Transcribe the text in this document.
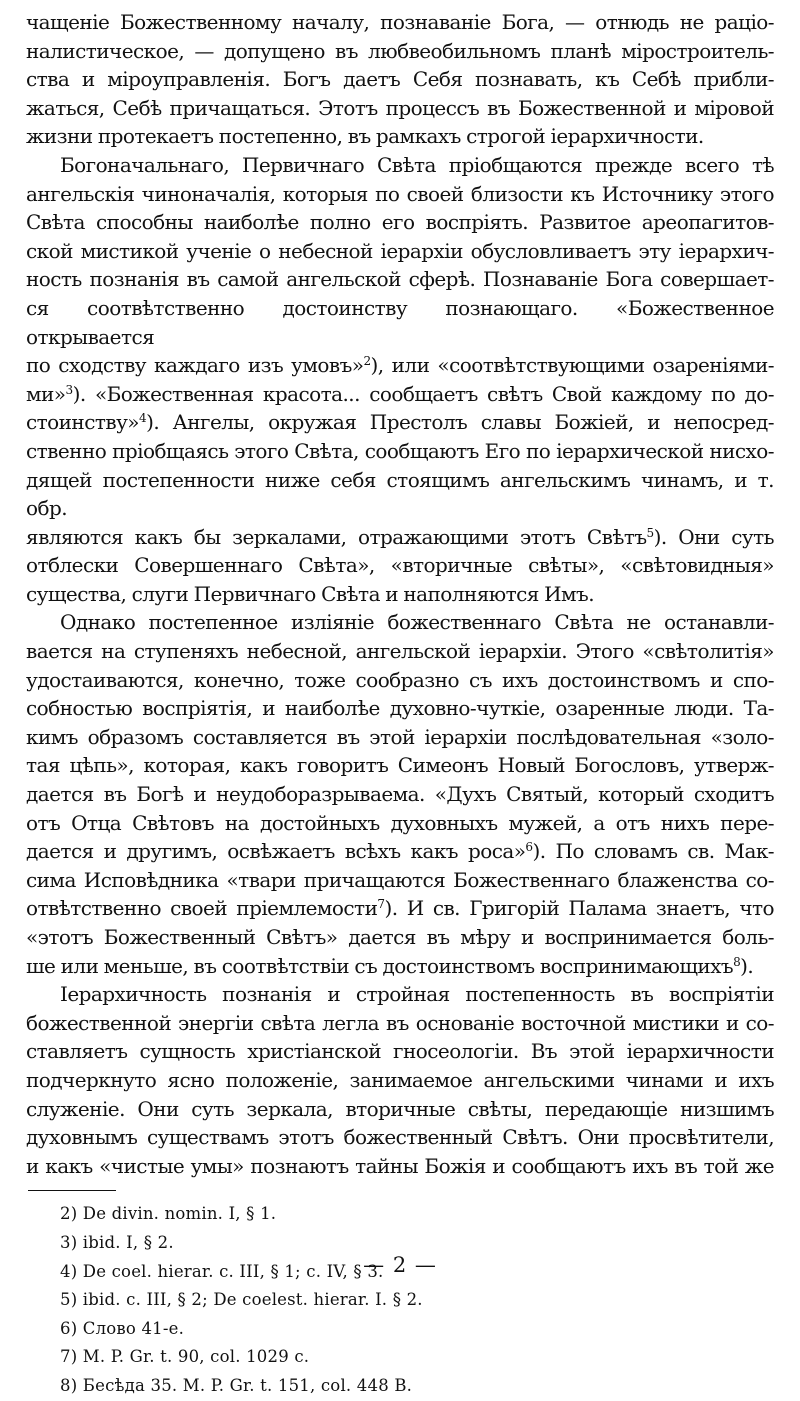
чащеніе Божественному началу, познаваніе Бога, — отнюдь не раціо-
налистическое, — допущено въ любвеобильномъ планѣ міростроитель-
ства и міроуправленія. Богъ даетъ Себя познавать, къ Себѣ прибли-
жаться, Себѣ причащаться. Этотъ процессъ въ Божественной и міровой
жизни протекаетъ постепенно, въ рамкахъ строгой іерархичности.

Богоначальнаго, Первичнаго Свѣта пріобщаются прежде всего тѣ
ангельскія чиноначалія, которыя по своей близости къ Источнику этого
Свѣта способны наиболѣе полно его воспріять. Развитое ареопагитов-
ской мистикой ученіе о небесной іерархіи обусловливаетъ эту іерархич-
ность познанія въ самой ангельской сферѣ. Познаваніе Бога совершает-
ся соотвѣтственно достоинству познающаго. «Божественное открывается
по сходству каждаго изъ умовъ»$^2$), или «соотвѣтствующими озареніями-
ми»$^3$). «Божественная красота... сообщаетъ свѣтъ Свой каждому по до-
стоинству»$^4$). Ангелы, окружая Престолъ славы Божіей, и непосред-
ственно пріобщаясь этого Свѣта, сообщаютъ Его по іерархической нисхо-
дящей постепенности ниже себя стоящимъ ангельскимъ чинамъ, и т. обр.
являются какъ бы зеркалами, отражающими этотъ Свѣтъ$^5$). Они суть
отблески Совершеннаго Свѣта», «вторичные свѣты», «свѣтовидныя»
существа, слуги Первичнаго Свѣта и наполняются Имъ.

Однако постепенное изліяніе божественнаго Свѣта не останавли-
вается на ступеняхъ небесной, ангельской іерархіи. Этого «свѣтолитія»
удостаиваются, конечно, тоже сообразно съ ихъ достоинствомъ и спо-
собностью воспріятія, и наиболѣе духовно-чуткіе, озаренные люди. Та-
кимъ образомъ составляется въ этой іерархіи послѣдовательная «золо-
тая цѣпь», которая, какъ говоритъ Симеонъ Новый Богословъ, утверж-
дается въ Богѣ и неудоборазрываема. «Духъ Святый, который сходитъ
отъ Отца Свѣтовъ на достойныхъ духовныхъ мужей, а отъ нихъ пере-
дается и другимъ, освѣжаетъ всѣхъ какъ роса»$^6$). По словамъ св. Мак-
сима Исповѣдника «твари причащаются Божественнаго блаженства со-
отвѣтственно своей пріемлемости$^7$). И св. Григорій Палама знаетъ, что
«этотъ Божественный Свѣтъ» дается въ мѣру и воспринимается боль-
ше или меньше, въ соотвѣтствіи съ достоинствомъ воспринимающихъ$^8$).

Іерархичность познанія и стройная постепенность въ воспріятіи
божественной энергіи свѣта легла въ основаніе восточной мистики и со-
ставляетъ сущность христіанской гносеологіи. Въ этой іерархичности
подчеркнуто ясно положеніе, занимаемое ангельскими чинами и ихъ
служеніе. Они суть зеркала, вторичные свѣты, передающіе низшимъ
духовнымъ существамъ этотъ божественный Свѣтъ. Они просвѣтители,
и какъ «чистые умы» познаютъ тайны Божія и сообщаютъ ихъ въ той же

2) De divin. nomin. I, § 1.
3) ibid. I, § 2.
4) De coel. hierar. c. III, § 1; c. IV, § 3.
5) ibid. c. III, § 2; De coelest. hierar. I. § 2.
6) Слово 41-е.
7) M. P. Gr. t. 90, col. 1029 c.
8) Бесѣда 35. M. P. Gr. t. 151, col. 448 B.
— 2 —
